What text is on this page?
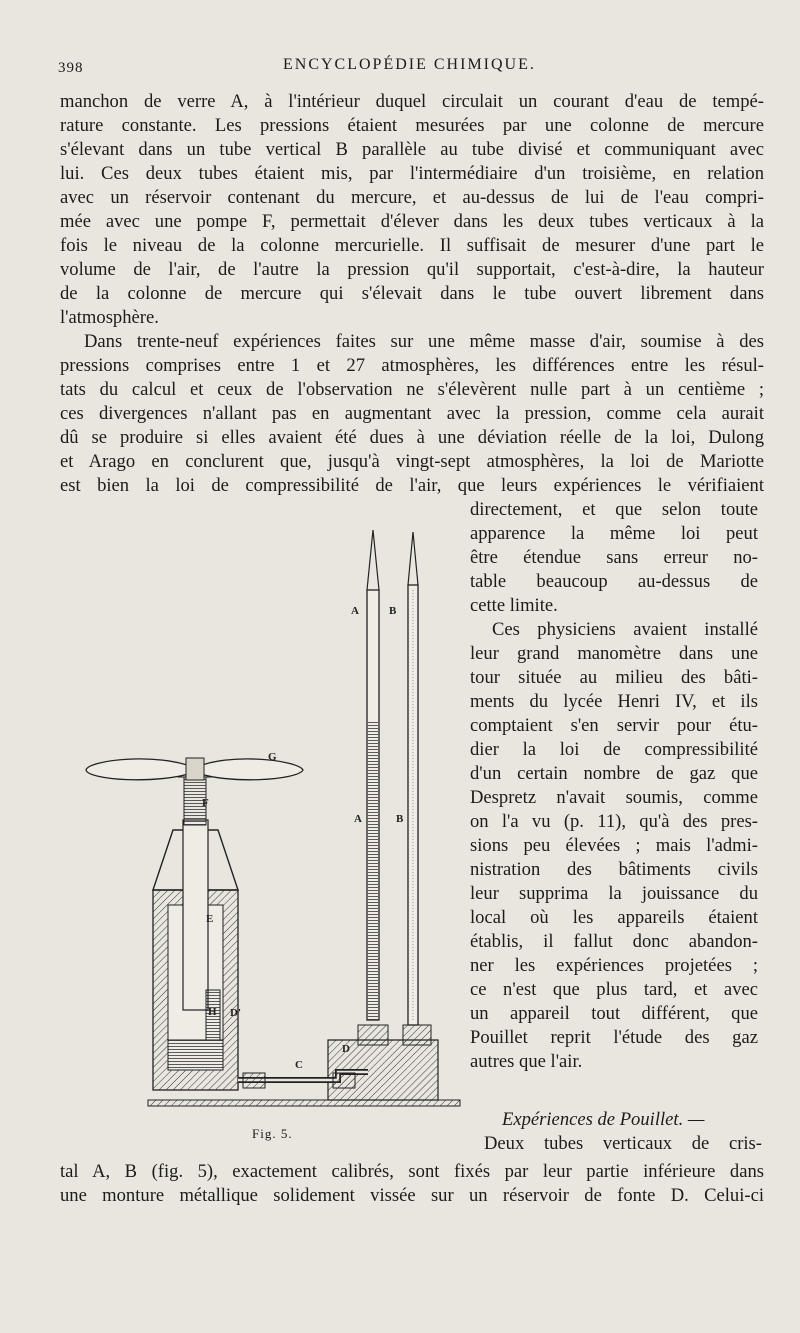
398	ENCYCLOPÉDIE CHIMIQUE.
manchon de verre A, à l'intérieur duquel circulait un courant d'eau de tempé-
rature constante. Les pressions étaient mesurées par une colonne de mercure
s'élevant dans un tube vertical B parallèle au tube divisé et communiquant avec
lui. Ces deux tubes étaient mis, par l'intermédiaire d'un troisième, en relation
avec un réservoir contenant du mercure, et au-dessus de lui de l'eau compri-
mée avec une pompe F, permettait d'élever dans les deux tubes verticaux à la
fois le niveau de la colonne mercurielle. Il suffisait de mesurer d'une part le
volume de l'air, de l'autre la pression qu'il supportait, c'est-à-dire, la hauteur
de la colonne de mercure qui s'élevait dans le tube ouvert librement dans
l'atmosphère.
Dans trente-neuf expériences faites sur une même masse d'air, soumise à des
pressions comprises entre 1 et 27 atmosphères, les différences entre les résul-
tats du calcul et ceux de l'observation ne s'élevèrent nulle part à un centième ;
ces divergences n'allant pas en augmentant avec la pression, comme cela aurait
dû se produire si elles avaient été dues à une déviation réelle de la loi, Dulong
et Arago en conclurent que, jusqu'à vingt-sept atmosphères, la loi de Mariotte
est bien la loi de compressibilité de l'air, que leurs expériences le vérifiaient
directement, et que selon toute
apparence la même loi peut
être étendue sans erreur no-
table beaucoup au-dessus de
cette limite.
Ces physiciens avaient installé
leur grand manomètre dans une
tour située au milieu des bâti-
ments du lycée Henri IV, et ils
comptaient s'en servir pour étu-
dier la loi de compressibilité
d'un certain nombre de gaz que
Despretz n'avait soumis, comme
on l'a vu (p. 11), qu'à des pres-
sions peu élevées ; mais l'admi-
nistration des bâtiments civils
leur supprima la jouissance du
local où les appareils étaient
établis, il fallut donc abandon-
ner les expériences projetées ;
ce n'est que plus tard, et avec
un appareil tout différent, que
Pouillet reprit l'étude des gaz
autres que l'air.
Expériences de Pouillet. —
Deux tubes verticaux de cris-
tal A, B (fig. 5), exactement calibrés, sont fixés par leur partie inférieure dans
une monture métallique solidement vissée sur un réservoir de fonte D. Celui-ci
A	B
A	B
G
F
E
H D'
D
C
Fig. 5.
